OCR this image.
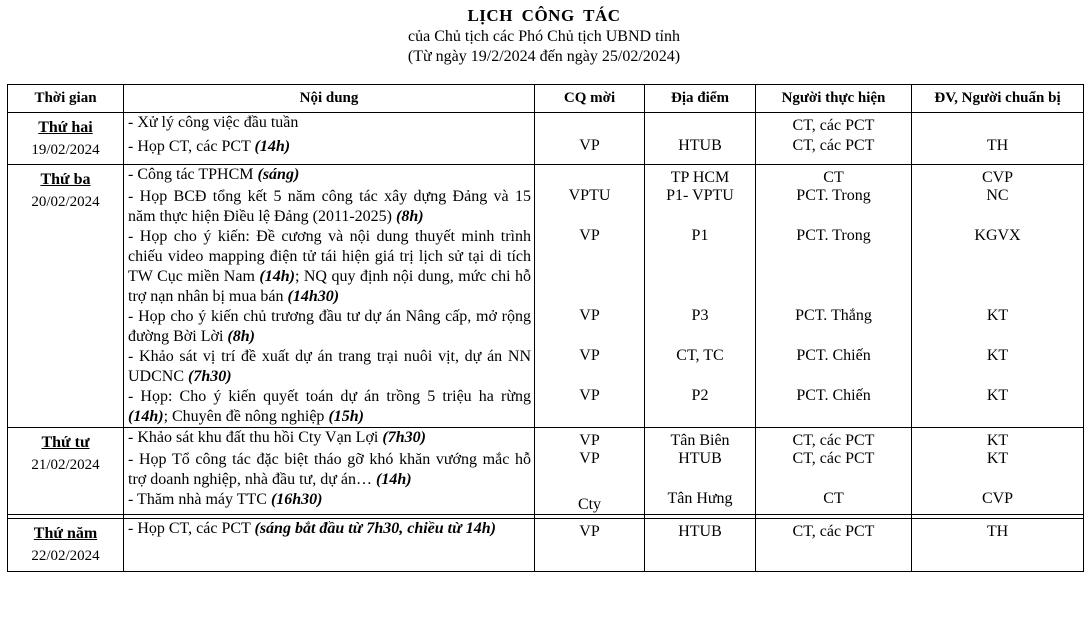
LỊCH CÔNG TÁC
của Chủ tịch các Phó Chủ tịch UBND tỉnh
(Từ ngày 19/2/2024 đến ngày 25/02/2024)
Thời gian	Nội dung	CQ mời	Địa điểm	Người thực hiện	ĐV, Người chuẩn bị

Thứ hai
19/02/2024	- Xử lý công việc đầu tuần			CT, các PCT	
	- Họp CT, các PCT (14h)	VP	HTUB	CT, các PCT	TH

Thứ ba
20/02/2024	- Công tác TPHCM (sáng)		TP HCM	CT	CVP
	- Họp BCĐ tổng kết 5 năm công tác xây dựng Đảng và 15 năm thực hiện Điều lệ Đảng (2011-2025) (8h)	VPTU	P1- VPTU	PCT. Trong	NC
	- Họp cho ý kiến: Đề cương và nội dung thuyết minh trình chiếu video mapping điện tử tái hiện giá trị lịch sử tại di tích TW Cục miền Nam (14h); NQ quy định nội dung, mức chi hỗ trợ nạn nhân bị mua bán (14h30)	VP	P1	PCT. Trong	KGVX
	- Họp cho ý kiến chủ trương đầu tư dự án Nâng cấp, mở rộng đường Bời Lời (8h)	VP	P3	PCT. Thắng	KT
	- Khảo sát vị trí đề xuất dự án trang trại nuôi vịt, dự án NN UDCNC (7h30)	VP	CT, TC	PCT. Chiến	KT
	- Họp: Cho ý kiến quyết toán dự án trồng 5 triệu ha rừng (14h); Chuyên đề nông nghiệp (15h)	VP	P2	PCT. Chiến	KT

Thứ tư
21/02/2024	- Khảo sát khu đất thu hồi Cty Vạn Lợi (7h30)	VP	Tân Biên	CT, các PCT	KT
	- Họp Tổ công tác đặc biệt tháo gỡ khó khăn vướng mắc hỗ trợ doanh nghiệp, nhà đầu tư, dự án… (14h)	VP	HTUB	CT, các PCT	KT
	- Thăm nhà máy TTC (16h30)	Cty	Tân Hưng	CT	CVP

Thứ năm
22/02/2024	- Họp CT, các PCT (sáng bắt đầu từ 7h30, chiều từ 14h)	VP	HTUB	CT, các PCT	TH
